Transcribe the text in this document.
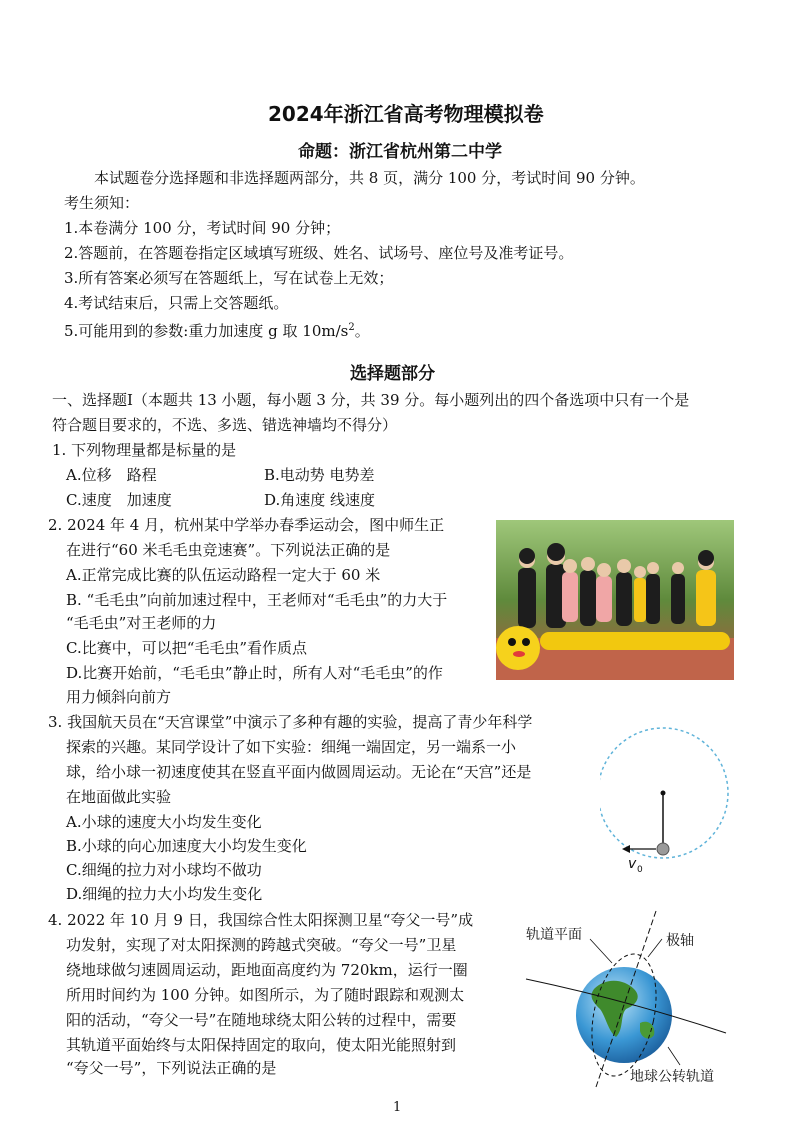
2024年浙江省高考物理模拟卷
命题：浙江省杭州第二中学
本试题卷分选择题和非选择题两部分，共 8 页，满分 100 分，考试时间 90 分钟。
考生须知：
1.本卷满分 100 分，考试时间 90 分钟；
2.答题前，在答题卷指定区域填写班级、姓名、试场号、座位号及准考证号。
3.所有答案必须写在答题纸上，写在试卷上无效；
4.考试结束后，只需上交答题纸。
5.可能用到的参数:重力加速度 g 取 $10m/s^2$。
选择题部分
一、选择题Ⅰ（本题共 13 小题，每小题 3 分，共 39 分。每小题列出的四个备选项中只有一个是
符合题目要求的，不选、多选、错选神墙均不得分）
1. 下列物理量都是标量的是
A.位移　路程	B.电动势 电势差
C.速度　加速度	D.角速度 线速度
2. 2024 年 4 月，杭州某中学举办春季运动会，图中师生正
在进行“60 米毛毛虫竞速赛”。下列说法正确的是
A.正常完成比赛的队伍运动路程一定大于 60 米
B. “毛毛虫”向前加速过程中，王老师对“毛毛虫”的力大于
“毛毛虫”对王老师的力
C.比赛中，可以把“毛毛虫”看作质点
D.比赛开始前，“毛毛虫”静止时，所有人对“毛毛虫”的作
用力倾斜向前方
3. 我国航天员在“天宫课堂”中演示了多种有趣的实验，提高了青少年科学
探索的兴趣。某同学设计了如下实验：细绳一端固定，另一端系一小
球，给小球一初速度使其在竖直平面内做圆周运动。无论在“天宫”还是
在地面做此实验
A.小球的速度大小均发生变化
B.小球的向心加速度大小均发生变化
C.细绳的拉力对小球均不做功
D.细绳的拉力大小均发生变化
v 0
4. 2022 年 10 月 9 日，我国综合性太阳探测卫星“夸父一号”成
功发射，实现了对太阳探测的跨越式突破。“夸父一号”卫星
绕地球做匀速圆周运动，距地面高度约为 720km，运行一圈
所用时间约为 100 分钟。如图所示，为了随时跟踪和观测太
阳的活动，“夸父一号”在随地球绕太阳公转的过程中，需要
其轨道平面始终与太阳保持固定的取向，使太阳光能照射到
“夸父一号”，下列说法正确的是
轨道平面	极轴
地球公转轨道
1
